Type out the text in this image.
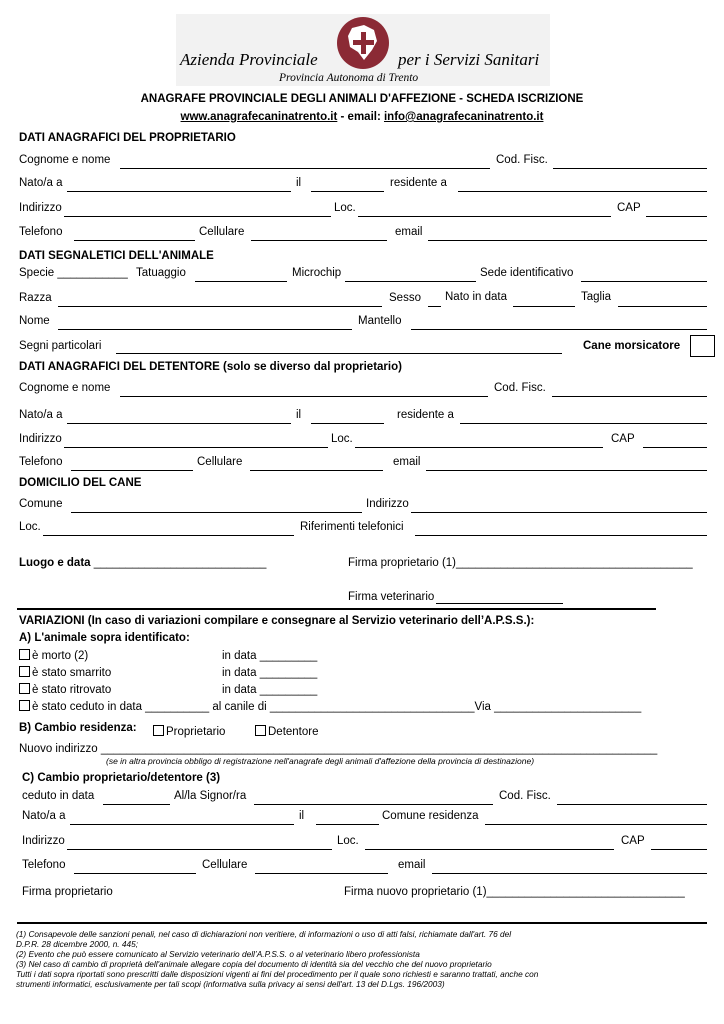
Azienda Provinciale	per i Servizi Sanitari
Provincia Autonoma di Trento
ANAGRAFE PROVINCIALE DEGLI ANIMALI D'AFFEZIONE - SCHEDA ISCRIZIONE
www.anagrafecaninatrento.it - email: info@anagrafecaninatrento.it
DATI ANAGRAFICI DEL PROPRIETARIO
Cognome e nome	Cod. Fisc.
Nato/a a	il	residente a
Indirizzo	Loc.	CAP
Telefono	Cellulare	email
DATI SEGNALETICI DELL'ANIMALE
Specie ___________ Tatuaggio	Microchip	Sede identificativo
Razza	Sesso Nato in data	Taglia
Nome	Mantello
Segni particolari	Cane morsicatore
DATI ANAGRAFICI DEL DETENTORE (solo se diverso dal proprietario)
Cognome e nome	Cod. Fisc.
Nato/a a	il	residente a
Indirizzo	Loc.	CAP
Telefono	Cellulare	email
DOMICILIO DEL CANE
Comune	Indirizzo
Loc.	Riferimenti telefonici
Luogo e data ___________________________	Firma proprietario (1)_____________________________________
Firma veterinario
VARIAZIONI (In caso di variazioni compilare e consegnare al Servizio veterinario dell’A.P.S.S.):
A) L'animale sopra identificato:
è morto (2)	in data _________
è stato smarrito	in data _________
è stato ritrovato	in data _________
è stato ceduto in data __________ al canile di ________________________________Via _______________________
B) Cambio residenza:	Proprietario	Detentore
Nuovo indirizzo _______________________________________________________________________________________
(se in altra provincia obbligo di registrazione nell'anagrafe degli animali d'affezione della provincia di destinazione)
C) Cambio proprietario/detentore (3)
ceduto in data	Al/la Signor/ra	Cod. Fisc.
Nato/a a	il	Comune residenza
Indirizzo	Loc.	CAP
Telefono	Cellulare	email
Firma proprietario	Firma nuovo proprietario (1)_______________________________
(1) Consapevole delle sanzioni penali, nel caso di dichiarazioni non veritiere, di informazioni o uso di atti falsi, richiamate dall'art. 76 del
D.P.R. 28 dicembre 2000, n. 445;
(2) Evento che può essere comunicato al Servizio veterinario dell’A.P.S.S. o al veterinario libero professionista
(3) Nel caso di cambio di proprietà dell'animale allegare copia del documento di identità sia del vecchio che del nuovo proprietario
Tutti i dati sopra riportati sono prescritti dalle disposizioni vigenti ai fini del procedimento per il quale sono richiesti e saranno trattati, anche con
strumenti informatici, esclusivamente per tali scopi (informativa sulla privacy ai sensi dell'art. 13 del D.Lgs. 196/2003)
